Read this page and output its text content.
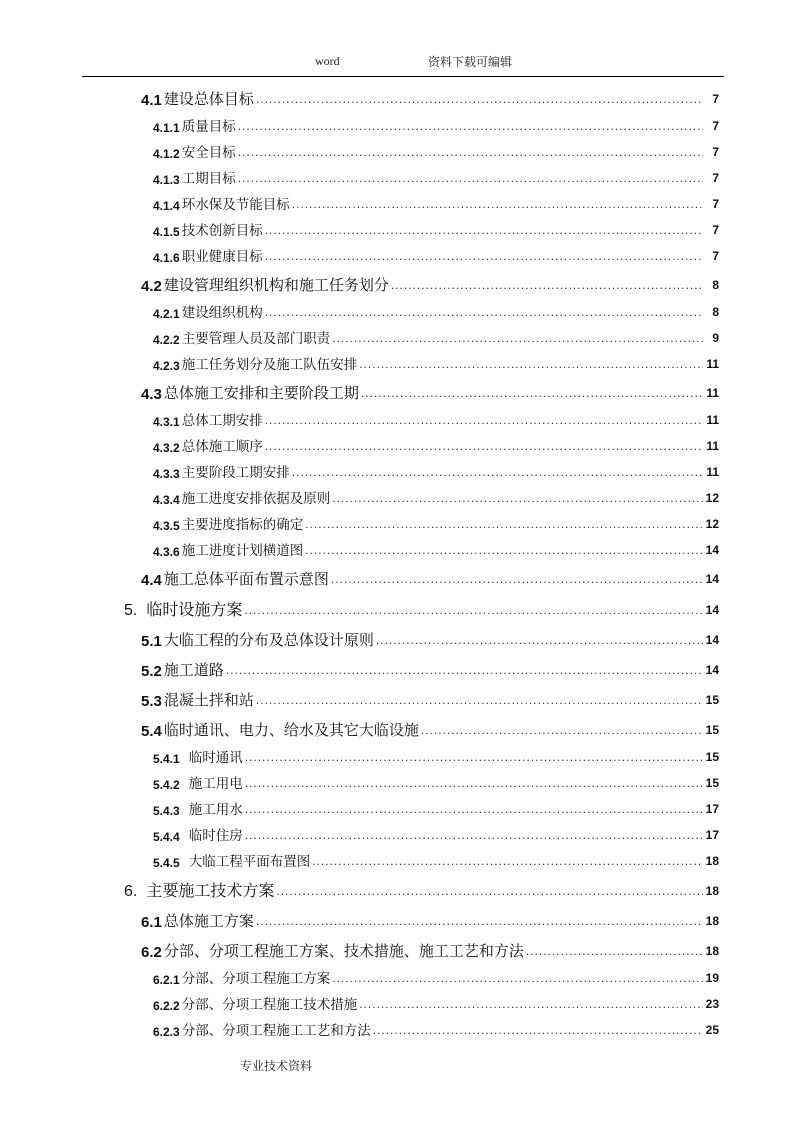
word	资料下载可编辑
4.1 建设总体目标 .....	7
4.1.1 质量目标 .....	7
4.1.2 安全目标 .....	7
4.1.3 工期目标 .....	7
4.1.4 环水保及节能目标 .....	7
4.1.5 技术创新目标 .....	7
4.1.6 职业健康目标 .....	7
4.2 建设管理组织机构和施工任务划分 .....	8
4.2.1 建设组织机构 .....	8
4.2.2 主要管理人员及部门职责 .....	9
4.2.3 施工任务划分及施工队伍安排 .....	11
4.3 总体施工安排和主要阶段工期 .....	11
4.3.1 总体工期安排 .....	11
4.3.2 总体施工顺序 .....	11
4.3.3 主要阶段工期安排 .....	11
4.3.4 施工进度安排依据及原则 .....	12
4.3.5 主要进度指标的确定 .....	12
4.3.6 施工进度计划横道图 .....	14
4.4 施工总体平面布置示意图 .....	14
5. 临时设施方案 .....	14
5.1 大临工程的分布及总体设计原则 .....	14
5.2 施工道路 .....	14
5.3 混凝土拌和站 .....	15
5.4 临时通讯、电力、给水及其它大临设施 .....	15
5.4.1 临时通讯 .....	15
5.4.2 施工用电 .....	15
5.4.3 施工用水 .....	17
5.4.4 临时住房 .....	17
5.4.5 大临工程平面布置图 .....	18
6. 主要施工技术方案 .....	18
6.1 总体施工方案 .....	18
6.2 分部、分项工程施工方案、技术措施、施工工艺和方法 .....	18
6.2.1 分部、分项工程施工方案 .....	19
6.2.2 分部、分项工程施工技术措施 .....	23
6.2.3 分部、分项工程施工工艺和方法 .....	25
专业技术资料
